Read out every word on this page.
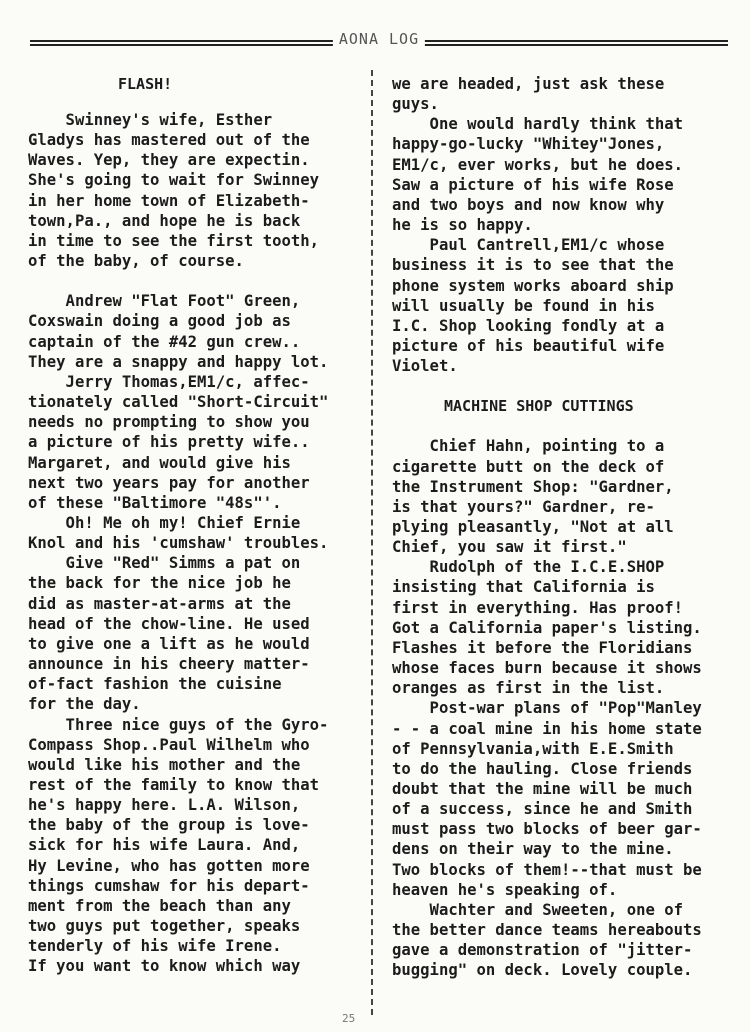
AONA LOG

FLASH!

Swinney's wife, Esther
Gladys has mastered out of the
Waves. Yep, they are expectin.
She's going to wait for Swinney
in her home town of Elizabeth-
town,Pa., and hope he is back
in time to see the first tooth,
of the baby, of course.

Andrew "Flat Foot" Green,
Coxswain doing a good job as
captain of the #42 gun crew..
They are a snappy and happy lot.
Jerry Thomas,EM1/c, affec-
tionately called "Short-Circuit"
needs no prompting to show you
a picture of his pretty wife..
Margaret, and would give his
next two years pay for another
of these "Baltimore "48s"'.
Oh! Me oh my! Chief Ernie
Knol and his 'cumshaw' troubles.
Give "Red" Simms a pat on
the back for the nice job he
did as master-at-arms at the
head of the chow-line. He used
to give one a lift as he would
announce in his cheery matter-
of-fact fashion the cuisine
for the day.
Three nice guys of the Gyro-
Compass Shop..Paul Wilhelm who
would like his mother and the
rest of the family to know that
he's happy here. L.A. Wilson,
the baby of the group is love-
sick for his wife Laura. And,
Hy Levine, who has gotten more
things cumshaw for his depart-
ment from the beach than any
two guys put together, speaks
tenderly of his wife Irene.
If you want to know which way

we are headed, just ask these
guys.

One would hardly think that
happy-go-lucky "Whitey"Jones,
EM1/c, ever works, but he does.
Saw a picture of his wife Rose
and two boys and now know why
he is so happy.
Paul Cantrell,EM1/c whose
business it is to see that the
phone system works aboard ship
will usually be found in his
I.C. Shop looking fondly at a
picture of his beautiful wife
Violet.

MACHINE SHOP CUTTINGS

Chief Hahn, pointing to a
cigarette butt on the deck of
the Instrument Shop: "Gardner,
is that yours?" Gardner, re-
plying pleasantly, "Not at all
Chief, you saw it first."
Rudolph of the I.C.E.SHOP
insisting that California is
first in everything. Has proof!
Got a California paper's listing.
Flashes it before the Floridians
whose faces burn because it shows
oranges as first in the list.
Post-war plans of "Pop"Manley
- - a coal mine in his home state
of Pennsylvania,with E.E.Smith
to do the hauling. Close friends
doubt that the mine will be much
of a success, since he and Smith
must pass two blocks of beer gar-
dens on their way to the mine.
Two blocks of them!--that must be
heaven he's speaking of.
Wachter and Sweeten, one of
the better dance teams hereabouts
gave a demonstration of "jitter-
bugging" on deck. Lovely couple.

25
